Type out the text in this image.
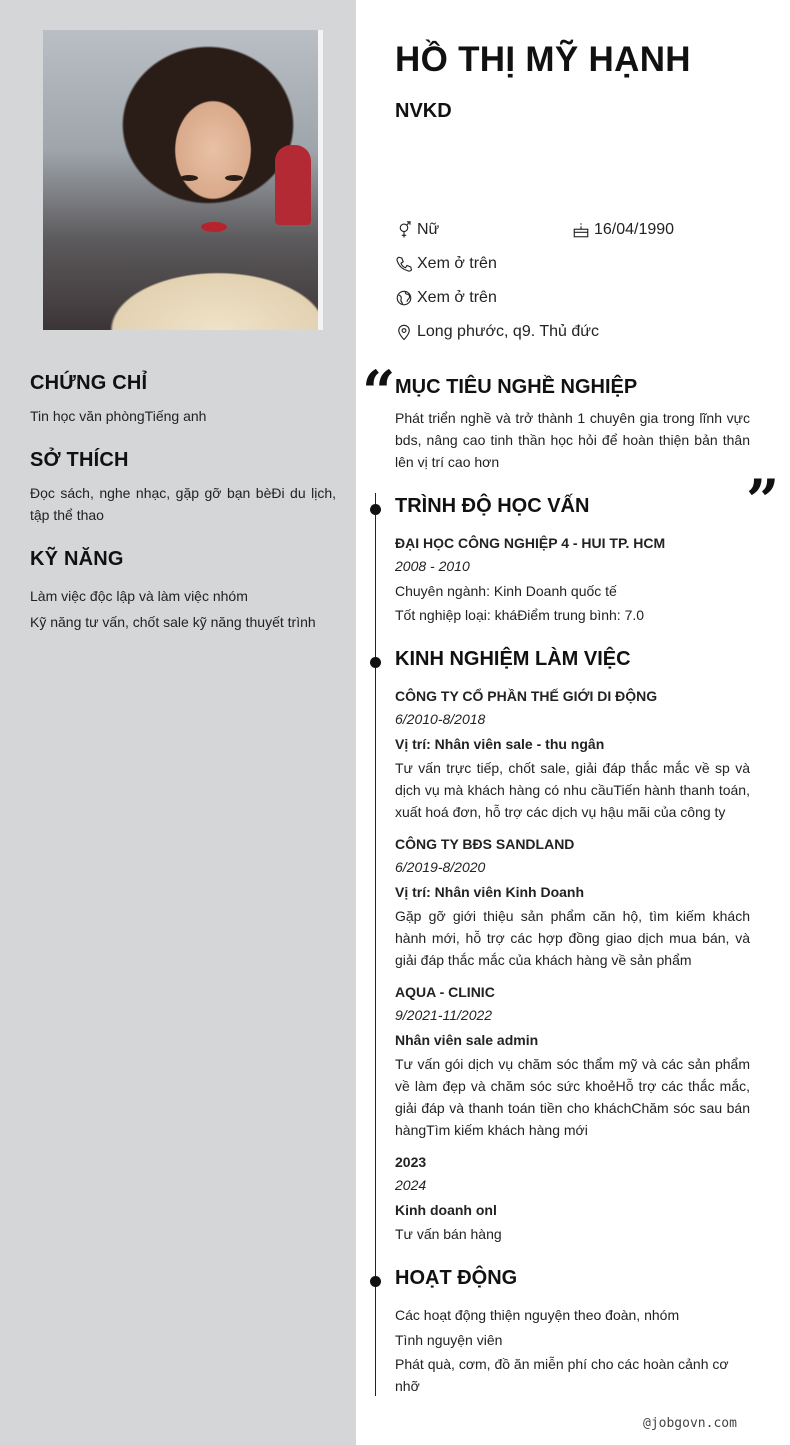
CHỨNG CHỈ

Tin học văn phòngTiếng anh

SỞ THÍCH

Đọc sách, nghe nhạc, gặp gỡ bạn bèĐi du lịch, tập thể thao

KỸ NĂNG

Làm việc độc lập và làm việc nhóm

Kỹ năng tư vấn, chốt sale kỹ năng thuyết trình

HỒ THỊ MỸ HẠNH
NVKD
Nữ	16/04/1990
Xem ở trên
Xem ở trên
Long phước, q9. Thủ đức
“ MỤC TIÊU NGHỀ NGHIỆP

Phát triển nghề và trở thành 1 chuyên gia trong lĩnh vực bds, nâng cao tinh thần học hỏi để hoàn thiện bản thân lên vị trí cao hơn

”
TRÌNH ĐỘ HỌC VẤN

ĐẠI HỌC CÔNG NGHIỆP 4 - HUI TP. HCM

2008 - 2010

Chuyên ngành: Kinh Doanh quốc tế

Tốt nghiệp loại: kháĐiểm trung bình: 7.0

KINH NGHIỆM LÀM VIỆC

CÔNG TY CỔ PHẦN THẾ GIỚI DI ĐỘNG

6/2010-8/2018

Vị trí: Nhân viên sale - thu ngân

Tư vấn trực tiếp, chốt sale, giải đáp thắc mắc về sp và dịch vụ mà khách hàng có nhu cầuTiến hành thanh toán, xuất hoá đơn, hỗ trợ các dịch vụ hậu mãi của công ty

CÔNG TY BĐS SANDLAND

6/2019-8/2020

Vị trí: Nhân viên Kinh Doanh

Gặp gỡ giới thiệu sản phẩm căn hộ, tìm kiếm khách hành mới, hỗ trợ các hợp đồng giao dịch mua bán, và giải đáp thắc mắc của khách hàng về sản phẩm

AQUA - CLINIC

9/2021-11/2022

Nhân viên sale admin

Tư vấn gói dịch vụ chăm sóc thẩm mỹ và các sản phẩm về làm đẹp và chăm sóc sức khoẻHỗ trợ các thắc mắc, giải đáp và thanh toán tiền cho kháchChăm sóc sau bán hàngTìm kiếm khách hàng mới

2023

2024

Kinh doanh onl

Tư vấn bán hàng

HOẠT ĐỘNG

Các hoạt động thiện nguyện theo đoàn, nhóm

Tình nguyện viên

Phát quà, cơm, đồ ăn miễn phí cho các hoàn cảnh cơ nhỡ

@jobgovn.com
